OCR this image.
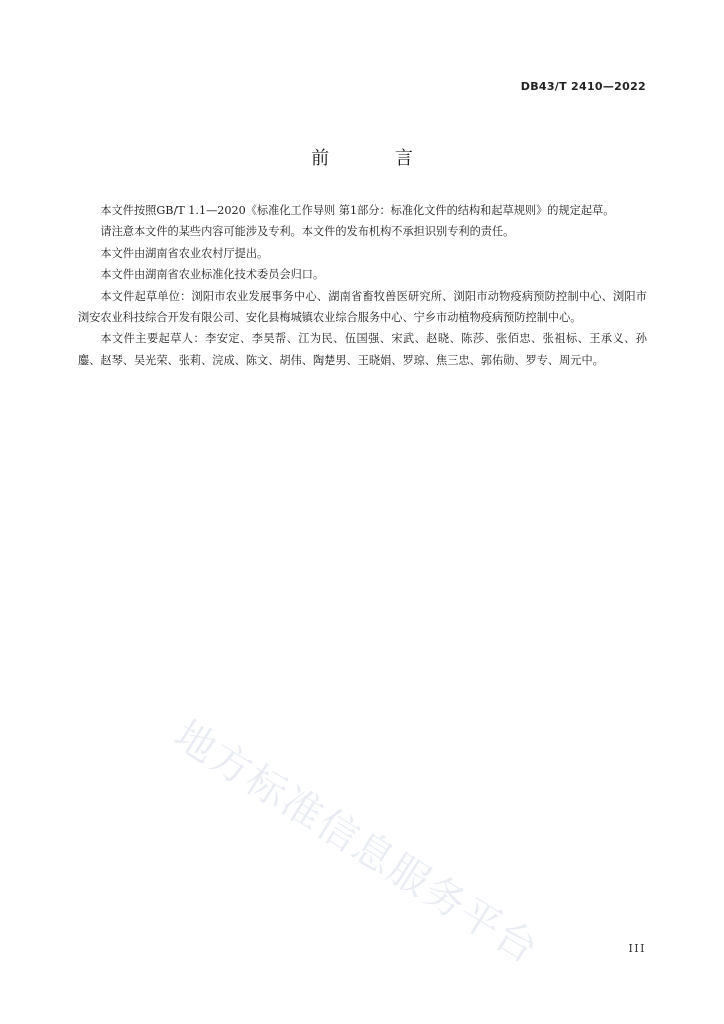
DB43/T 2410—2022
前 言

本文件按照GB/T 1.1—2020《标准化工作导则 第1部分：标准化文件的结构和起草规则》的规定起草。

请注意本文件的某些内容可能涉及专利。本文件的发布机构不承担识别专利的责任。

本文件由湖南省农业农村厅提出。

本文件由湖南省农业标准化技术委员会归口。

本文件起草单位：浏阳市农业发展事务中心、湖南省畜牧兽医研究所、浏阳市动物疫病预防控制中心、浏阳市浏安农业科技综合开发有限公司、安化县梅城镇农业综合服务中心、宁乡市动植物疫病预防控制中心。

本文件主要起草人：李安定、李昊帮、江为民、伍国强、宋武、赵晓、陈莎、张佰忠、张祖标、王承义、孙鏖、赵琴、吴光荣、张莉、浣成、陈文、胡伟、陶楚男、王晓娟、罗琼、焦三忠、郭佑勋、罗专、周元中。

地方标准信息服务平台	III
